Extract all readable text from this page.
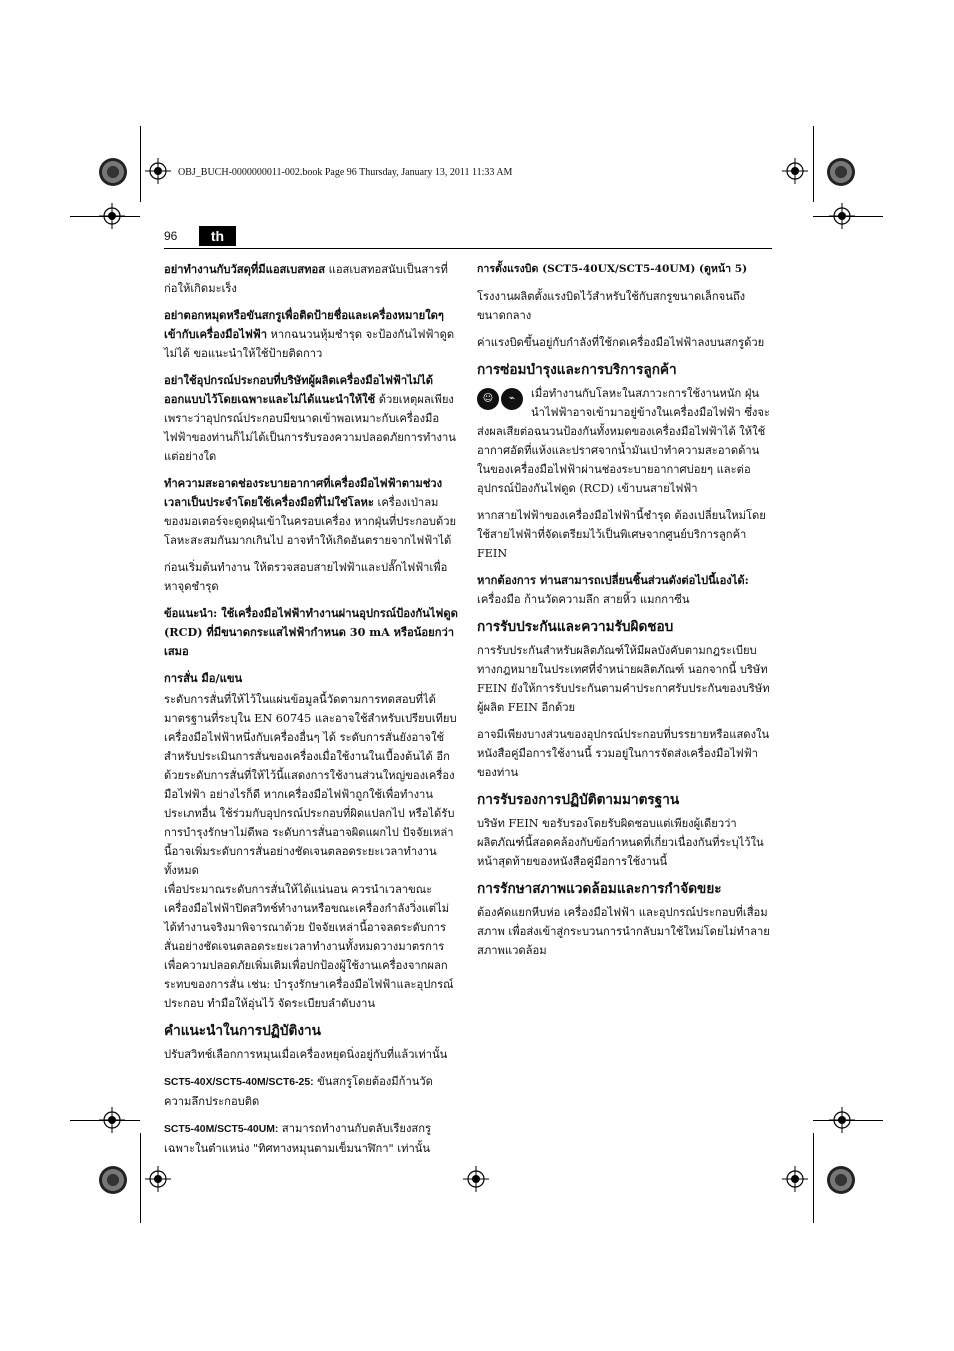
OBJ_BUCH-0000000011-002.book Page 96 Thursday, January 13, 2011 11:33 AM
96	th

อย่าทำงานกับวัสดุที่มีแอสเบสทอส แอสเบสทอสนับเป็นสารที่ก่อให้เกิดมะเร็ง

อย่าตอกหมุดหรือขันสกรูเพื่อติดป้ายชื่อและเครื่องหมายใดๆ เข้ากับเครื่องมือไฟฟ้า หากฉนวนหุ้มชำรุด จะป้องกันไฟฟ้าดูดไม่ได้ ขอแนะนำให้ใช้ป้ายติดกาว

อย่าใช้อุปกรณ์ประกอบที่บริษัทผู้ผลิตเครื่องมือไฟฟ้าไม่ได้ออกแบบไว้โดยเฉพาะและไม่ได้แนะนำให้ใช้ ด้วยเหตุผลเพียงเพราะว่าอุปกรณ์ประกอบมีขนาดเข้าพอเหมาะกับเครื่องมือไฟฟ้าของท่านก็ไม่ได้เป็นการรับรองความปลอดภัยการทำงานแต่อย่างใด

ทำความสะอาดช่องระบายอากาศที่เครื่องมือไฟฟ้าตามช่วงเวลาเป็นประจำโดยใช้เครื่องมือที่ไม่ใช่โลหะ เครื่องเป่าลมของมอเตอร์จะดูดฝุ่นเข้าในครอบเครื่อง หากฝุ่นที่ประกอบด้วยโลหะสะสมกันมากเกินไป อาจทำให้เกิดอันตรายจากไฟฟ้าได้

ก่อนเริ่มต้นทำงาน ให้ตรวจสอบสายไฟฟ้าและปลั๊กไฟฟ้าเพื่อหาจุดชำรุด

ข้อแนะนำ: ใช้เครื่องมือไฟฟ้าทำงานผ่านอุปกรณ์ป้องกันไฟดูด (RCD) ที่มีขนาดกระแสไฟฟ้ากำหนด 30 mA หรือน้อยกว่าเสมอ

การสั่น มือ/แขน

ระดับการสั่นที่ให้ไว้ในแผ่นข้อมูลนี้วัดตามการทดสอบที่ได้มาตรฐานที่ระบุใน EN 60745 และอาจใช้สำหรับเปรียบเทียบเครื่องมือไฟฟ้าหนึ่งกับเครื่องอื่นๆ ได้ ระดับการสั่นยังอาจใช้สำหรับประเมินการสั่นของเครื่องเมื่อใช้งานในเบื้องต้นได้ อีกด้วยระดับการสั่นที่ให้ไว้นี้แสดงการใช้งานส่วนใหญ่ของเครื่องมือไฟฟ้า อย่างไรก็ดี หากเครื่องมือไฟฟ้าถูกใช้เพื่อทำงานประเภทอื่น ใช้ร่วมกับอุปกรณ์ประกอบที่ผิดแปลกไป หรือได้รับการบำรุงรักษาไม่ดีพอ ระดับการสั่นอาจผิดแผกไป ปัจจัยเหล่านี้อาจเพิ่มระดับการสั่นอย่างชัดเจนตลอดระยะเวลาทำงานทั้งหมด

เพื่อประมาณระดับการสั่นให้ได้แน่นอน ควรนำเวลาขณะเครื่องมือไฟฟ้าปิดสวิทช์ทำงานหรือขณะเครื่องกำลังวิ่งแต่ไม่ได้ทำงานจริงมาพิจารณาด้วย ปัจจัยเหล่านี้อาจลดระดับการสั่นอย่างชัดเจนตลอดระยะเวลาทำงานทั้งหมดวางมาตรการเพื่อความปลอดภัยเพิ่มเติมเพื่อปกป้องผู้ใช้งานเครื่องจากผลกระทบของการสั่น เช่น: บำรุงรักษาเครื่องมือไฟฟ้าและอุปกรณ์ประกอบ ทำมือให้อุ่นไว้ จัดระเบียบลำดับงาน

คำแนะนำในการปฏิบัติงาน

ปรับสวิทช์เลือกการหมุนเมื่อเครื่องหยุดนิ่งอยู่กับที่แล้วเท่านั้น

SCT5-40X/SCT5-40M/SCT6-25: ขันสกรูโดยต้องมีก้านวัดความลึกประกอบติด

SCT5-40M/SCT5-40UM: สามารถทำงานกับตลับเรียงสกรูเฉพาะในตำแหน่ง "ทิศทางหมุนตามเข็มนาฬิกา" เท่านั้น

การตั้งแรงบิด (SCT5-40UX/SCT5-40UM) (ดูหน้า 5)

โรงงานผลิตตั้งแรงบิดไว้สำหรับใช้กับสกรูขนาดเล็กจนถึงขนาดกลาง

ค่าแรงบิดขึ้นอยู่กับกำลังที่ใช้กดเครื่องมือไฟฟ้าลงบนสกรูด้วย

การซ่อมบำรุงและการบริการลูกค้า

☺ ⌁	เมื่อทำงานกับโลหะในสภาวะการใช้งานหนัก ฝุ่นนำไฟฟ้าอาจเข้ามาอยู่ข้างในเครื่องมือไฟฟ้า ซึ่งจะส่งผลเสียต่อฉนวนป้องกันทั้งหมดของเครื่องมือไฟฟ้าได้ ให้ใช้อากาศอัดที่แห้งและปราศจากน้ำมันเป่าทำความสะอาดด้านในของเครื่องมือไฟฟ้าผ่านช่องระบายอากาศบ่อยๆ และต่ออุปกรณ์ป้องกันไฟดูด (RCD) เข้าบนสายไฟฟ้า

หากสายไฟฟ้าของเครื่องมือไฟฟ้านี้ชำรุด ต้องเปลี่ยนใหม่โดยใช้สายไฟฟ้าที่จัดเตรียมไว้เป็นพิเศษจากศูนย์บริการลูกค้า FEIN

หากต้องการ ท่านสามารถเปลี่ยนชิ้นส่วนดังต่อไปนี้เองได้:
เครื่องมือ ก้านวัดความลึก สายหิ้ว แมกกาซีน

การรับประกันและความรับผิดชอบ

การรับประกันสำหรับผลิตภัณฑ์ให้มีผลบังคับตามกฎระเบียบทางกฎหมายในประเทศที่จำหน่ายผลิตภัณฑ์ นอกจากนี้ บริษัท FEIN ยังให้การรับประกันตามคำประกาศรับประกันของบริษัทผู้ผลิต FEIN อีกด้วย

อาจมีเพียงบางส่วนของอุปกรณ์ประกอบที่บรรยายหรือแสดงในหนังสือคู่มือการใช้งานนี้ รวมอยู่ในการจัดส่งเครื่องมือไฟฟ้าของท่าน

การรับรองการปฏิบัติตามมาตรฐาน

บริษัท FEIN ขอรับรองโดยรับผิดชอบแต่เพียงผู้เดียวว่าผลิตภัณฑ์นี้สอดคล้องกับข้อกำหนดที่เกี่ยวเนื่องกันที่ระบุไว้ในหน้าสุดท้ายของหนังสือคู่มือการใช้งานนี้

การรักษาสภาพแวดล้อมและการกำจัดขยะ

ต้องคัดแยกหีบห่อ เครื่องมือไฟฟ้า และอุปกรณ์ประกอบที่เสื่อมสภาพ เพื่อส่งเข้าสู่กระบวนการนำกลับมาใช้ใหม่โดยไม่ทำลายสภาพแวดล้อม
